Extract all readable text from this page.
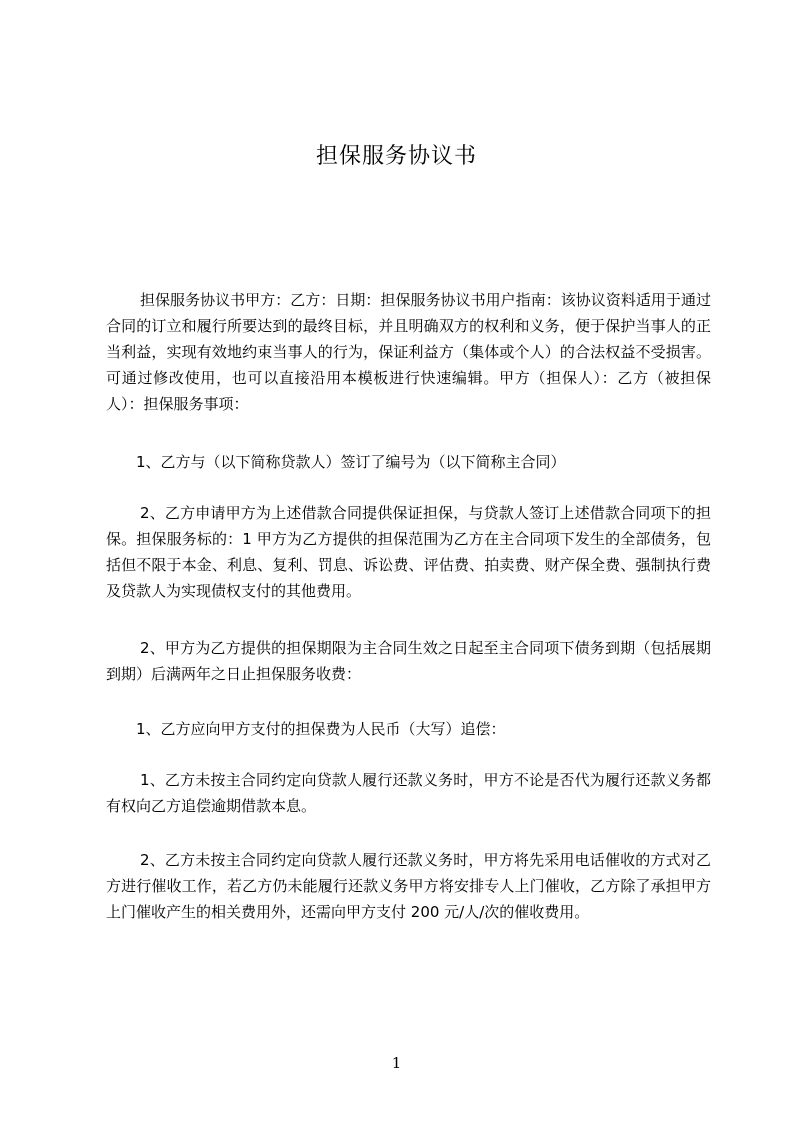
担保服务协议书
担保服务协议书甲方：乙方：日期：担保服务协议书用户指南：该协议资料适用于通过合同的订立和履行所要达到的最终目标，并且明确双方的权利和义务，便于保护当事人的正当利益，实现有效地约束当事人的行为，保证利益方（集体或个人）的合法权益不受损害。可通过修改使用，也可以直接沿用本模板进行快速编辑。甲方（担保人）：乙方（被担保人）：担保服务事项：
1、乙方与（以下简称贷款人）签订了编号为（以下简称主合同）
2、乙方申请甲方为上述借款合同提供保证担保，与贷款人签订上述借款合同项下的担保。担保服务标的：1 甲方为乙方提供的担保范围为乙方在主合同项下发生的全部债务，包括但不限于本金、利息、复利、罚息、诉讼费、评估费、拍卖费、财产保全费、强制执行费及贷款人为实现债权支付的其他费用。
2、甲方为乙方提供的担保期限为主合同生效之日起至主合同项下债务到期（包括展期到期）后满两年之日止担保服务收费：
1、乙方应向甲方支付的担保费为人民币（大写）追偿：
1、乙方未按主合同约定向贷款人履行还款义务时，甲方不论是否代为履行还款义务都有权向乙方追偿逾期借款本息。
2、乙方未按主合同约定向贷款人履行还款义务时，甲方将先采用电话催收的方式对乙方进行催收工作，若乙方仍未能履行还款义务甲方将安排专人上门催收，乙方除了承担甲方上门催收产生的相关费用外，还需向甲方支付 200 元/人/次的催收费用。
1
